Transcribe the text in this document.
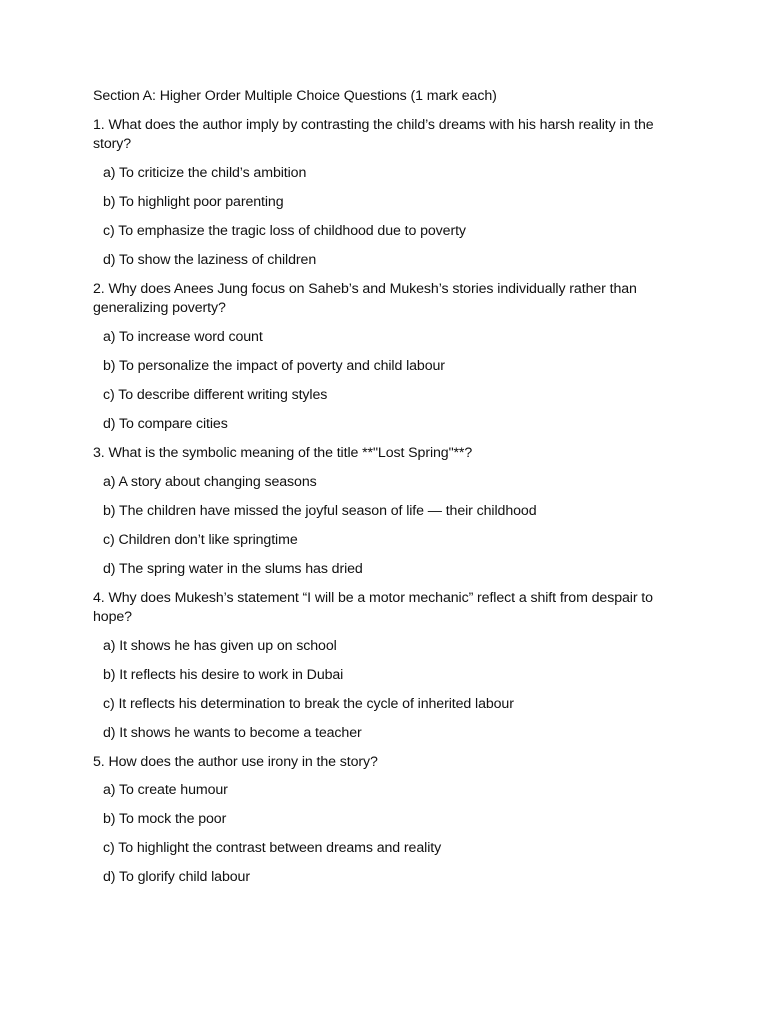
Section A: Higher Order Multiple Choice Questions (1 mark each)
1. What does the author imply by contrasting the child’s dreams with his harsh reality in the story?
a) To criticize the child’s ambition
b) To highlight poor parenting
c) To emphasize the tragic loss of childhood due to poverty
d) To show the laziness of children
2. Why does Anees Jung focus on Saheb’s and Mukesh’s stories individually rather than generalizing poverty?
a) To increase word count
b) To personalize the impact of poverty and child labour
c) To describe different writing styles
d) To compare cities
3. What is the symbolic meaning of the title **"Lost Spring"**?
a) A story about changing seasons
b) The children have missed the joyful season of life — their childhood
c) Children don’t like springtime
d) The spring water in the slums has dried
4. Why does Mukesh’s statement “I will be a motor mechanic” reflect a shift from despair to hope?
a) It shows he has given up on school
b) It reflects his desire to work in Dubai
c) It reflects his determination to break the cycle of inherited labour
d) It shows he wants to become a teacher
5. How does the author use irony in the story?
a) To create humour
b) To mock the poor
c) To highlight the contrast between dreams and reality
d) To glorify child labour
